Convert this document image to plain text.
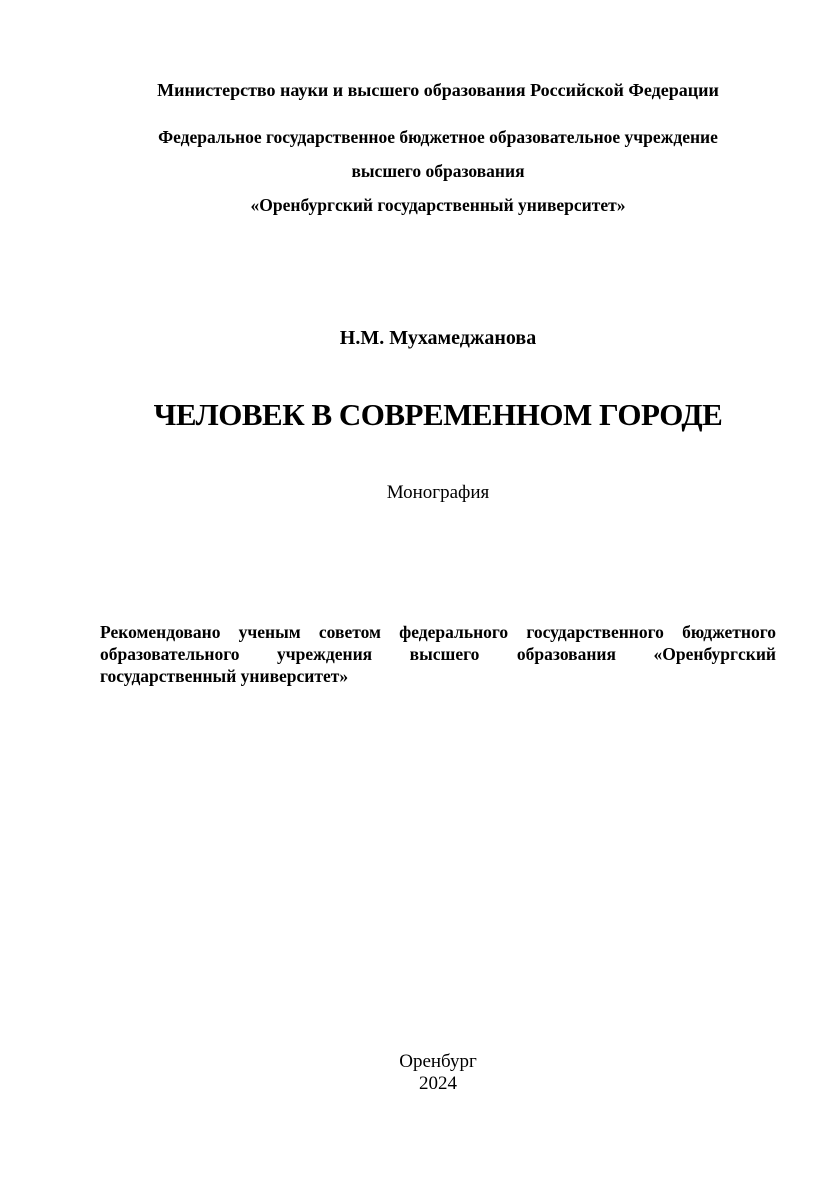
Министерство науки и высшего образования Российской Федерации
Федеральное государственное бюджетное образовательное учреждение
высшего образования
«Оренбургский государственный университет»
Н.М. Мухамеджанова
ЧЕЛОВЕК В СОВРЕМЕННОМ ГОРОДЕ
Монография
Рекомендовано ученым советом федерального государственного бюджетного образовательного учреждения высшего образования «Оренбургский государственный университет»
Оренбург
2024
